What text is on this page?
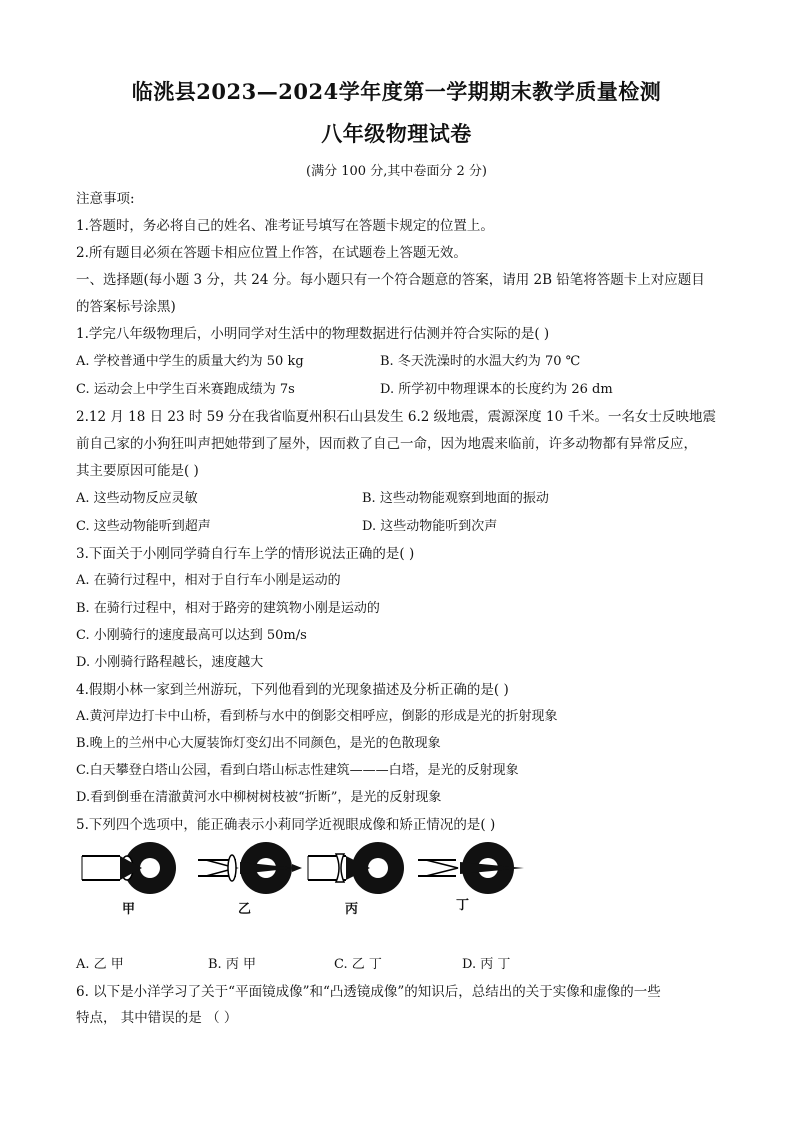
临洮县2023—2024学年度第一学期期末教学质量检测
八年级物理试卷
(满分 100 分,其中卷面分 2 分)
注意事项:
1.答题时，务必将自己的姓名、准考证号填写在答题卡规定的位置上。
2.所有题目必须在答题卡相应位置上作答，在试题卷上答题无效。
一、选择题(每小题 3 分，共 24 分。每小题只有一个符合题意的答案，请用 2B 铅笔将答题卡上对应题目
的答案标号涂黑)
1.学完八年级物理后，小明同学对生活中的物理数据进行估测并符合实际的是( )
A. 学校普通中学生的质量大约为 50 kg	B. 冬天洗澡时的水温大约为 70 ℃
C. 运动会上中学生百米赛跑成绩为 7s	D. 所学初中物理课本的长度约为 26 dm
2.12 月 18 日 23 时 59 分在我省临夏州积石山县发生 6.2 级地震，震源深度 10 千米。一名女士反映地震
前自己家的小狗狂叫声把她带到了屋外，因而救了自己一命，因为地震来临前，许多动物都有异常反应，
其主要原因可能是( )
A. 这些动物反应灵敏	B. 这些动物能观察到地面的振动
C. 这些动物能听到超声	D. 这些动物能听到次声
3.下面关于小刚同学骑自行车上学的情形说法正确的是( )
A. 在骑行过程中，相对于自行车小刚是运动的
B. 在骑行过程中，相对于路旁的建筑物小刚是运动的
C. 小刚骑行的速度最高可以达到 50m/s
D. 小刚骑行路程越长，速度越大
4.假期小林一家到兰州游玩，下列他看到的光现象描述及分析正确的是( )
A.黄河岸边打卡中山桥，看到桥与水中的倒影交相呼应，倒影的形成是光的折射现象
B.晚上的兰州中心大厦装饰灯变幻出不同颜色，是光的色散现象
C.白天攀登白塔山公园，看到白塔山标志性建筑———白塔，是光的反射现象
D.看到倒垂在清澈黄河水中柳树树枝被“折断”，是光的反射现象
5.下列四个选项中，能正确表示小莉同学近视眼成像和矫正情况的是( )
甲	乙	丙	丁
A. 乙 甲	B. 丙 甲	C. 乙 丁	D. 丙 丁
6. 以下是小洋学习了关于“平面镜成像”和“凸透镜成像”的知识后，总结出的关于实像和虚像的一些
特点， 其中错误的是 （ ）
